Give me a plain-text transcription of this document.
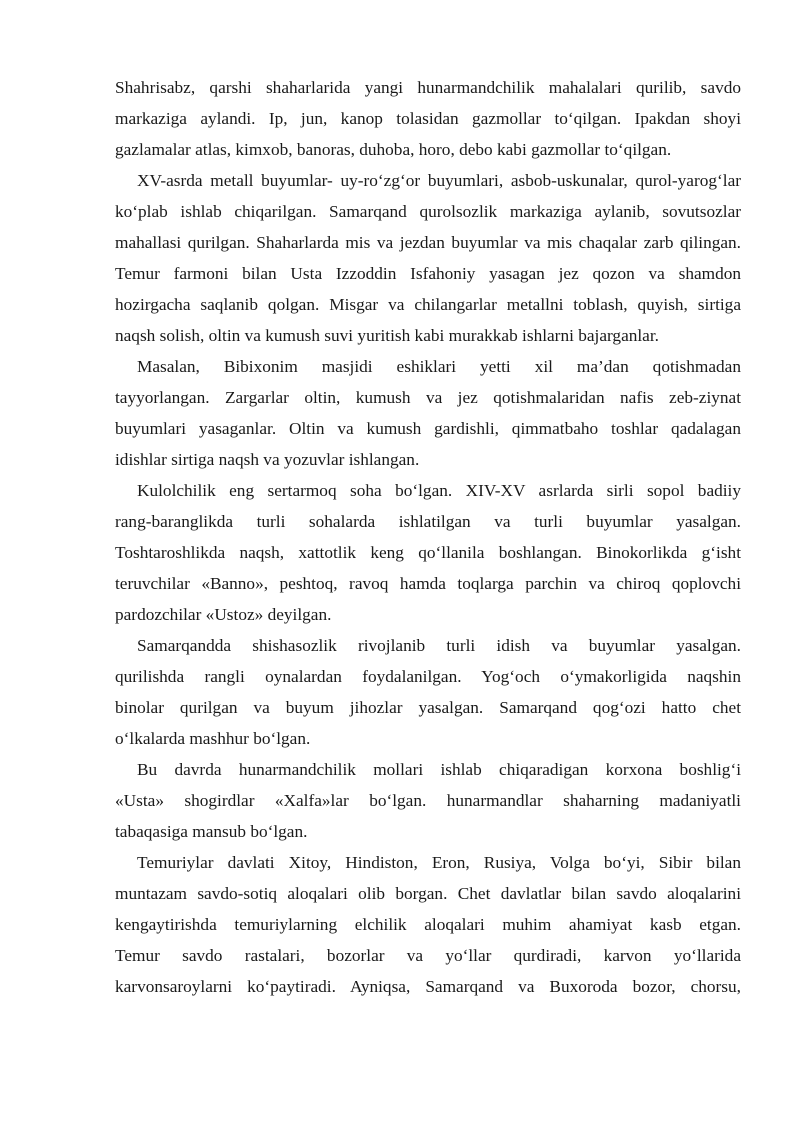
Shahrisabz, qarshi shaharlarida yangi hunarmandchilik mahalalari qurilib, savdo
markaziga aylandi. Ip, jun, kanop tolasidan gazmollar to‘qilgan. Ipakdan shoyi
gazlamalar atlas, kimxob, banoras, duhoba, horo, debo kabi gazmollar to‘qilgan.
XV-asrda metall buyumlar- uy-ro‘zg‘or buyumlari, asbob-uskunalar, qurol-yarog‘lar
ko‘plab ishlab chiqarilgan. Samarqand qurolsozlik markaziga aylanib, sovutsozlar
mahallasi qurilgan. Shaharlarda mis va jezdan buyumlar va mis chaqalar zarb qilingan.
Temur farmoni bilan Usta Izzoddin Isfahoniy yasagan jez qozon va shamdon
hozirgacha saqlanib qolgan. Misgar va chilangarlar metallni toblash, quyish, sirtiga
naqsh solish, oltin va kumush suvi yuritish kabi murakkab ishlarni bajarganlar.
Masalan, Bibixonim masjidi eshiklari yetti xil ma’dan qotishmadan
tayyorlangan. Zargarlar oltin, kumush va jez qotishmalaridan nafis zeb-ziynat
buyumlari yasaganlar. Oltin va kumush gardishli, qimmatbaho toshlar qadalagan
idishlar sirtiga naqsh va yozuvlar ishlangan.
Kulolchilik eng sertarmoq soha bo‘lgan. XIV-XV asrlarda sirli sopol badiiy
rang-baranglikda turli sohalarda ishlatilgan va turli buyumlar yasalgan.
Toshtaroshlikda naqsh, xattotlik keng qo‘llanila boshlangan. Binokorlikda g‘isht
teruvchilar «Banno», peshtoq, ravoq hamda toqlarga parchin va chiroq qoplovchi
pardozchilar «Ustoz» deyilgan.
Samarqandda shishasozlik rivojlanib turli idish va buyumlar yasalgan.
qurilishda rangli oynalardan foydalanilgan. Yog‘och o‘ymakorligida naqshin
binolar qurilgan va buyum jihozlar yasalgan. Samarqand qog‘ozi hatto chet
o‘lkalarda mashhur bo‘lgan.
Bu davrda hunarmandchilik mollari ishlab chiqaradigan korxona boshlig‘i
«Usta» shogirdlar «Xalfa»lar bo‘lgan. hunarmandlar shaharning madaniyatli
tabaqasiga mansub bo‘lgan.
Temuriylar davlati Xitoy, Hindiston, Eron, Rusiya, Volga bo‘yi, Sibir bilan
muntazam savdo-sotiq aloqalari olib borgan. Chet davlatlar bilan savdo aloqalarini
kengaytirishda temuriylarning elchilik aloqalari muhim ahamiyat kasb etgan.
Temur savdo rastalari, bozorlar va yo‘llar qurdiradi, karvon yo‘llarida
karvonsaroylarni ko‘paytiradi. Ayniqsa, Samarqand va Buxoroda bozor, chorsu,
